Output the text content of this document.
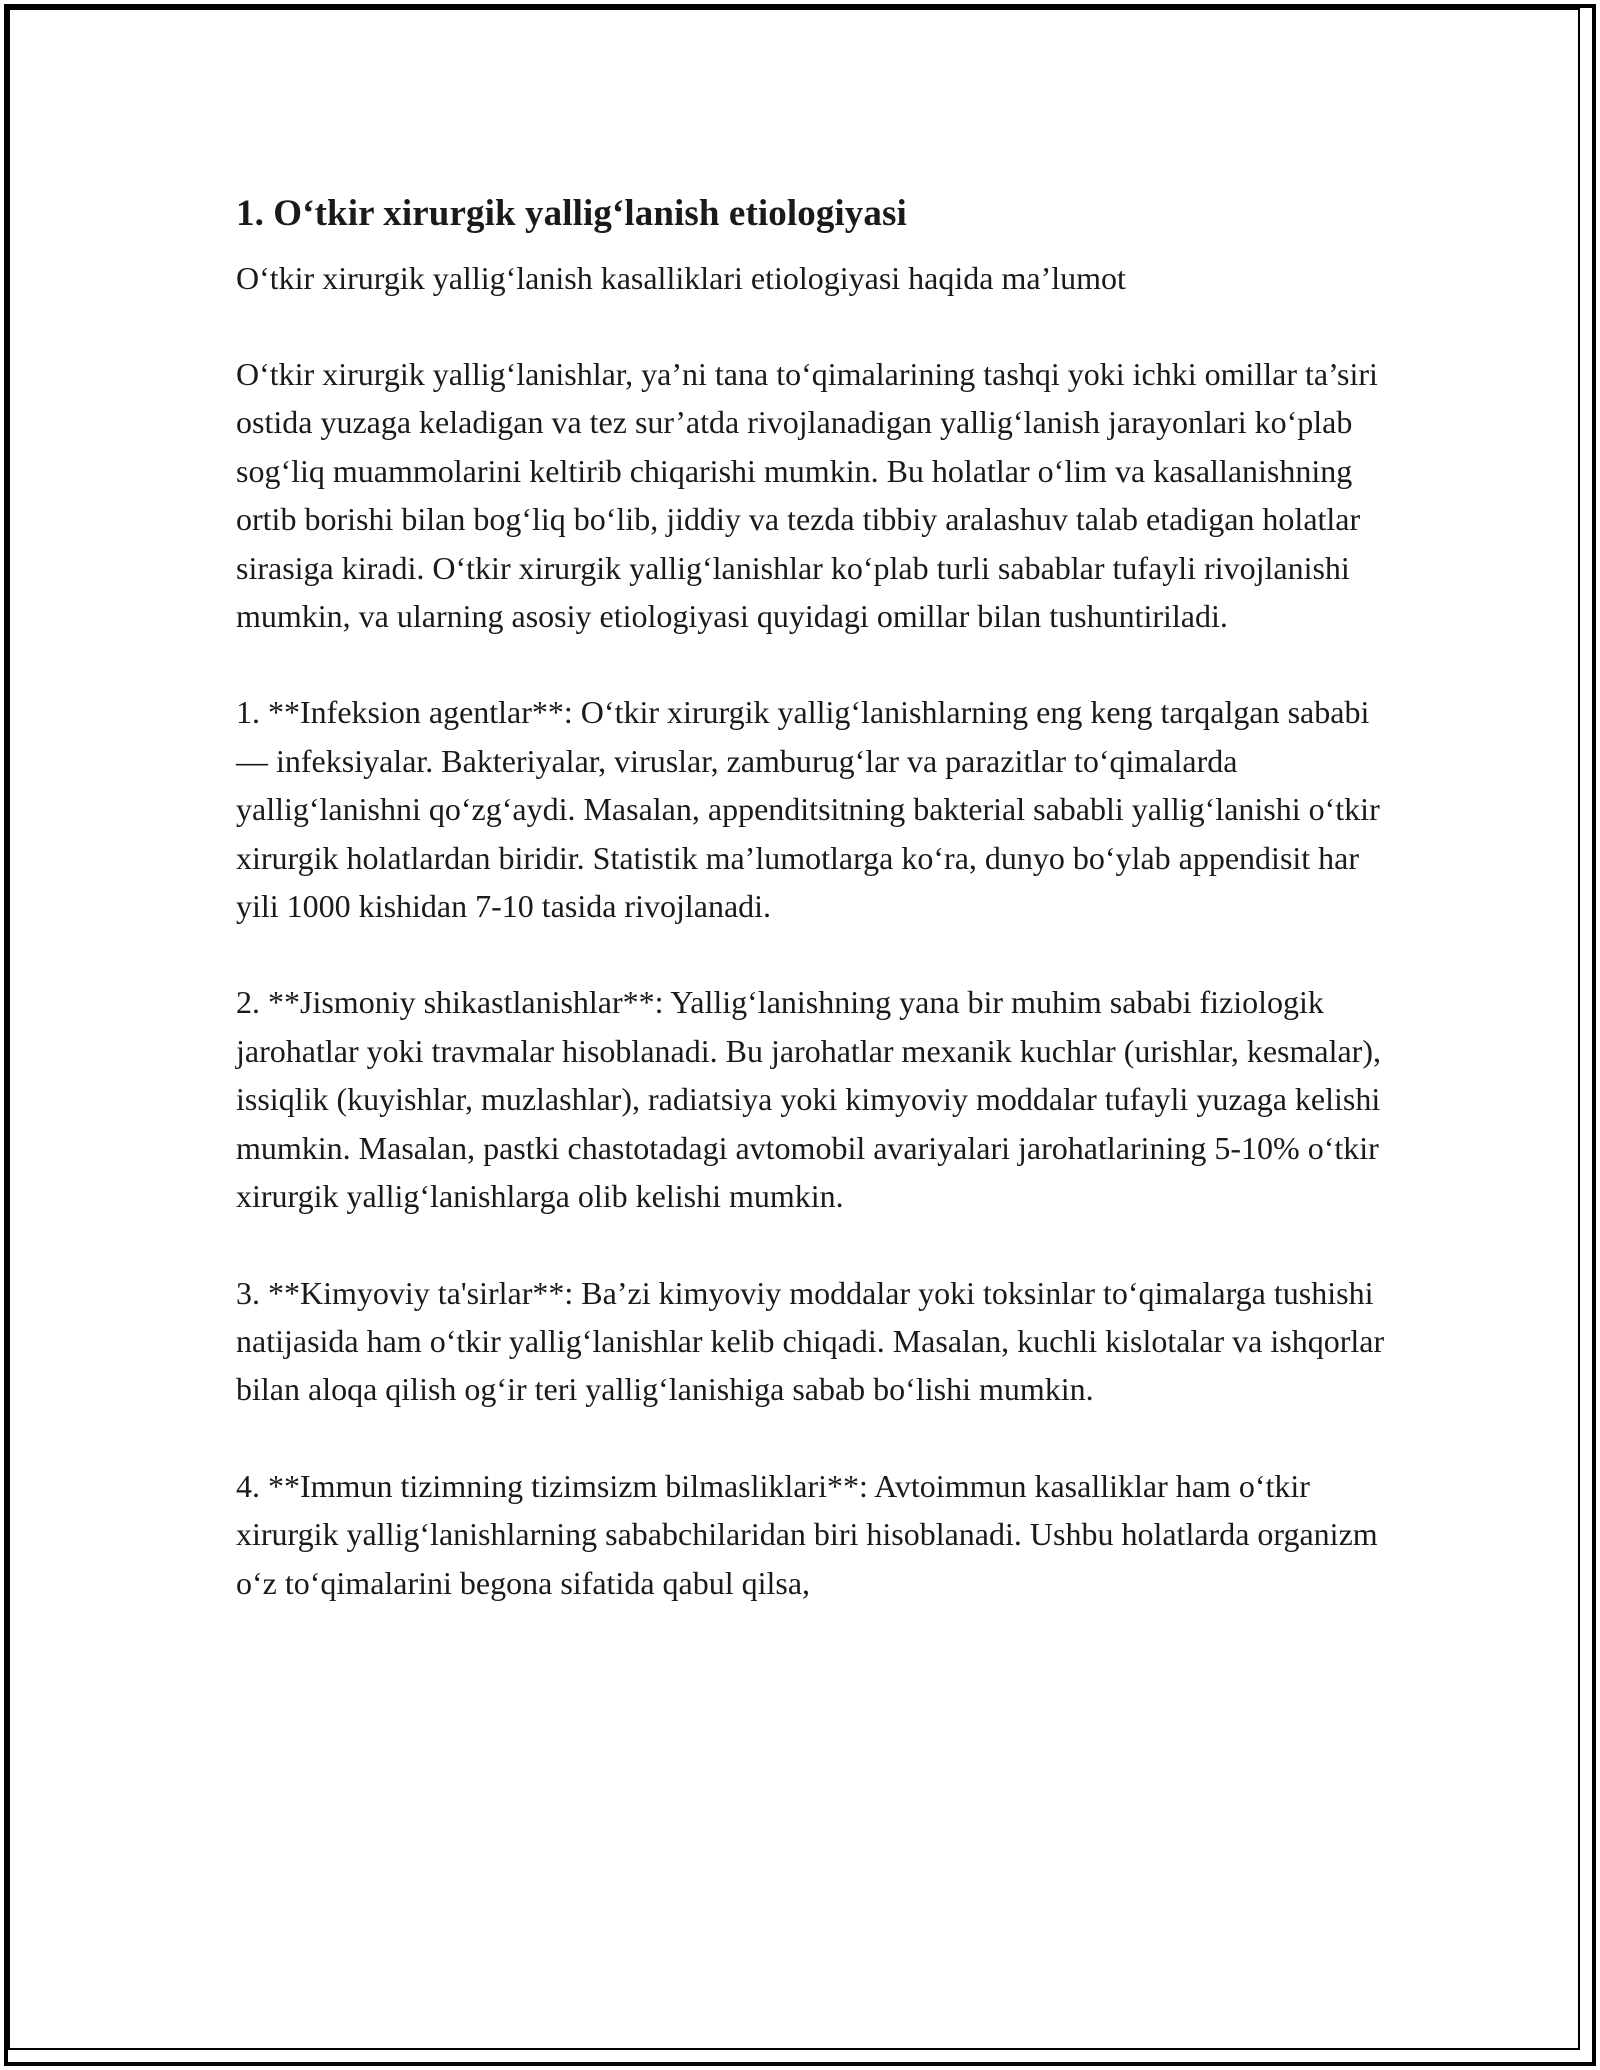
1. O‘tkir xirurgik yallig‘lanish etiologiyasi

O‘tkir xirurgik yallig‘lanish kasalliklari etiologiyasi haqida ma’lumot

O‘tkir xirurgik yallig‘lanishlar, ya’ni tana to‘qimalarining tashqi yoki ichki omillar ta’siri ostida yuzaga keladigan va tez sur’atda rivojlanadigan yallig‘lanish jarayonlari ko‘plab sog‘liq muammolarini keltirib chiqarishi mumkin. Bu holatlar o‘lim va kasallanishning ortib borishi bilan bog‘liq bo‘lib, jiddiy va tezda tibbiy aralashuv talab etadigan holatlar sirasiga kiradi. O‘tkir xirurgik yallig‘lanishlar ko‘plab turli sabablar tufayli rivojlanishi mumkin, va ularning asosiy etiologiyasi quyidagi omillar bilan tushuntiriladi.

1. **Infeksion agentlar**: O‘tkir xirurgik yallig‘lanishlarning eng keng tarqalgan sababi — infeksiyalar. Bakteriyalar, viruslar, zamburug‘lar va parazitlar to‘qimalarda yallig‘lanishni qo‘zg‘aydi. Masalan, appenditsitning bakterial sababli yallig‘lanishi o‘tkir xirurgik holatlardan biridir. Statistik ma’lumotlarga ko‘ra, dunyo bo‘ylab appendisit har yili 1000 kishidan 7-10 tasida rivojlanadi.

2. **Jismoniy shikastlanishlar**: Yallig‘lanishning yana bir muhim sababi fiziologik jarohatlar yoki travmalar hisoblanadi. Bu jarohatlar mexanik kuchlar (urishlar, kesmalar), issiqlik (kuyishlar, muzlashlar), radiatsiya yoki kimyoviy moddalar tufayli yuzaga kelishi mumkin. Masalan, pastki chastotadagi avtomobil avariyalari jarohatlarining 5-10% o‘tkir xirurgik yallig‘lanishlarga olib kelishi mumkin.

3. **Kimyoviy ta'sirlar**: Ba’zi kimyoviy moddalar yoki toksinlar to‘qimalarga tushishi natijasida ham o‘tkir yallig‘lanishlar kelib chiqadi. Masalan, kuchli kislotalar va ishqorlar bilan aloqa qilish og‘ir teri yallig‘lanishiga sabab bo‘lishi mumkin.

4. **Immun tizimning tizimsizm bilmasliklari**: Avtoimmun kasalliklar ham o‘tkir xirurgik yallig‘lanishlarning sababchilaridan biri hisoblanadi. Ushbu holatlarda organizm o‘z to‘qimalarini begona sifatida qabul qilsa,
